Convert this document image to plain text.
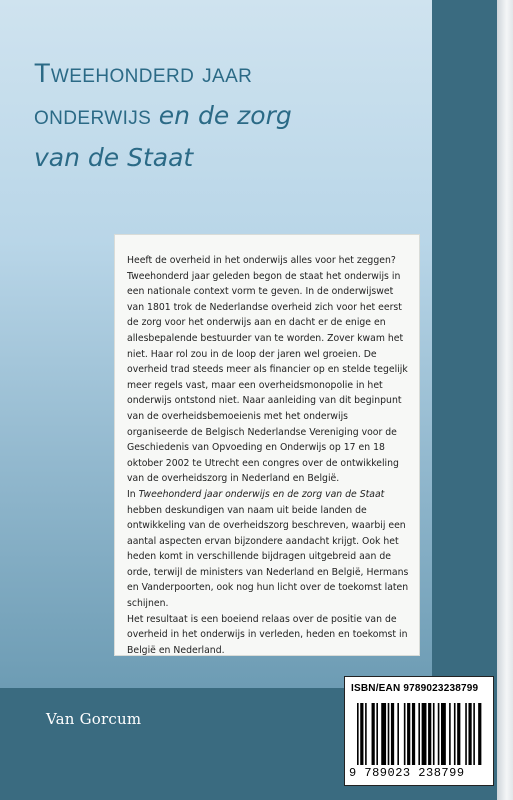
Tweehonderd jaar
onderwijs en de zorg
van de Staat

Heeft de overheid in het onderwijs alles voor het zeggen? Tweehonderd jaar geleden begon de staat het onderwijs in een nationale context vorm te geven. In de onderwijswet van 1801 trok de Nederlandse overheid zich voor het eerst de zorg voor het onderwijs aan en dacht er de enige en allesbepalende bestuurder van te worden. Zover kwam het niet. Haar rol zou in de loop der jaren wel groeien. De overheid trad steeds meer als financier op en stelde tegelijk meer regels vast, maar een overheidsmonopolie in het onderwijs ontstond niet. Naar aanleiding van dit beginpunt van de overheidsbemoeienis met het onderwijs organiseerde de Belgisch Nederlandse Vereniging voor de Geschiedenis van Opvoeding en Onderwijs op 17 en 18 oktober 2002 te Utrecht een congres over de ontwikkeling van de overheidszorg in Nederland en België.

In Tweehonderd jaar onderwijs en de zorg van de Staat hebben deskundigen van naam uit beide landen de ontwikkeling van de overheidszorg beschreven, waarbij een aantal aspecten ervan bijzondere aandacht krijgt. Ook het heden komt in verschillende bijdragen uitgebreid aan de orde, terwijl de ministers van Nederland en België, Hermans en Vanderpoorten, ook nog hun licht over de toekomst laten schijnen.

Het resultaat is een boeiend relaas over de positie van de overheid in het onderwijs in verleden, heden en toekomst in België en Nederland.

Van Gorcum
ISBN/EAN 9789023238799
9 789023 238799
